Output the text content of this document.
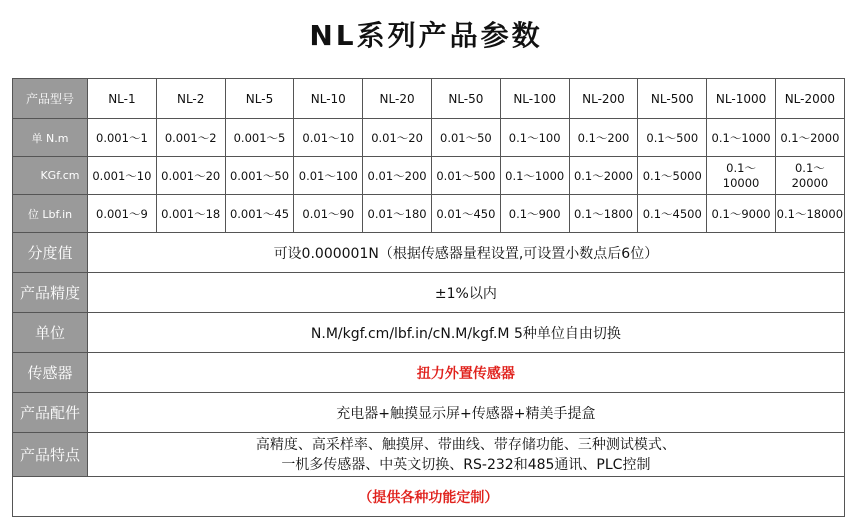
NL系列产品参数
产品型号	NL-1	NL-2	NL-5	NL-10	NL-20	NL-50	NL-100	NL-200	NL-500	NL-1000	NL-2000
单 N.m	0.001～1	0.001～2	0.001～5	0.01～10	0.01～20	0.01～50	0.1～100	0.1～200	0.1～500	0.1～1000	0.1～2000
KGf.cm	0.001～10	0.001～20	0.001～50	0.01～100	0.01～200	0.01～500	0.1～1000	0.1～2000	0.1～5000	0.1～ 10000	0.1～ 20000
位 Lbf.in	0.001～9	0.001～18	0.001～45	0.01～90	0.01～180	0.01～450	0.1～900	0.1～1800	0.1～4500	0.1～9000	0.1～18000
分度值	可设0.000001N（根据传感器量程设置,可设置小数点后6位）										
产品精度	±1%以内										
单位	N.M/kgf.cm/lbf.in/cN.M/kgf.M 5种单位自由切换										
传感器	扭力外置传感器										
产品配件	充电器+触摸显示屏+传感器+精美手提盒										
产品特点	高精度、高采样率、触摸屏、带曲线、带存储功能、三种测试模式、
一机多传感器、中英文切换、RS-232和485通讯、PLC控制										

（提供各种功能定制）											
